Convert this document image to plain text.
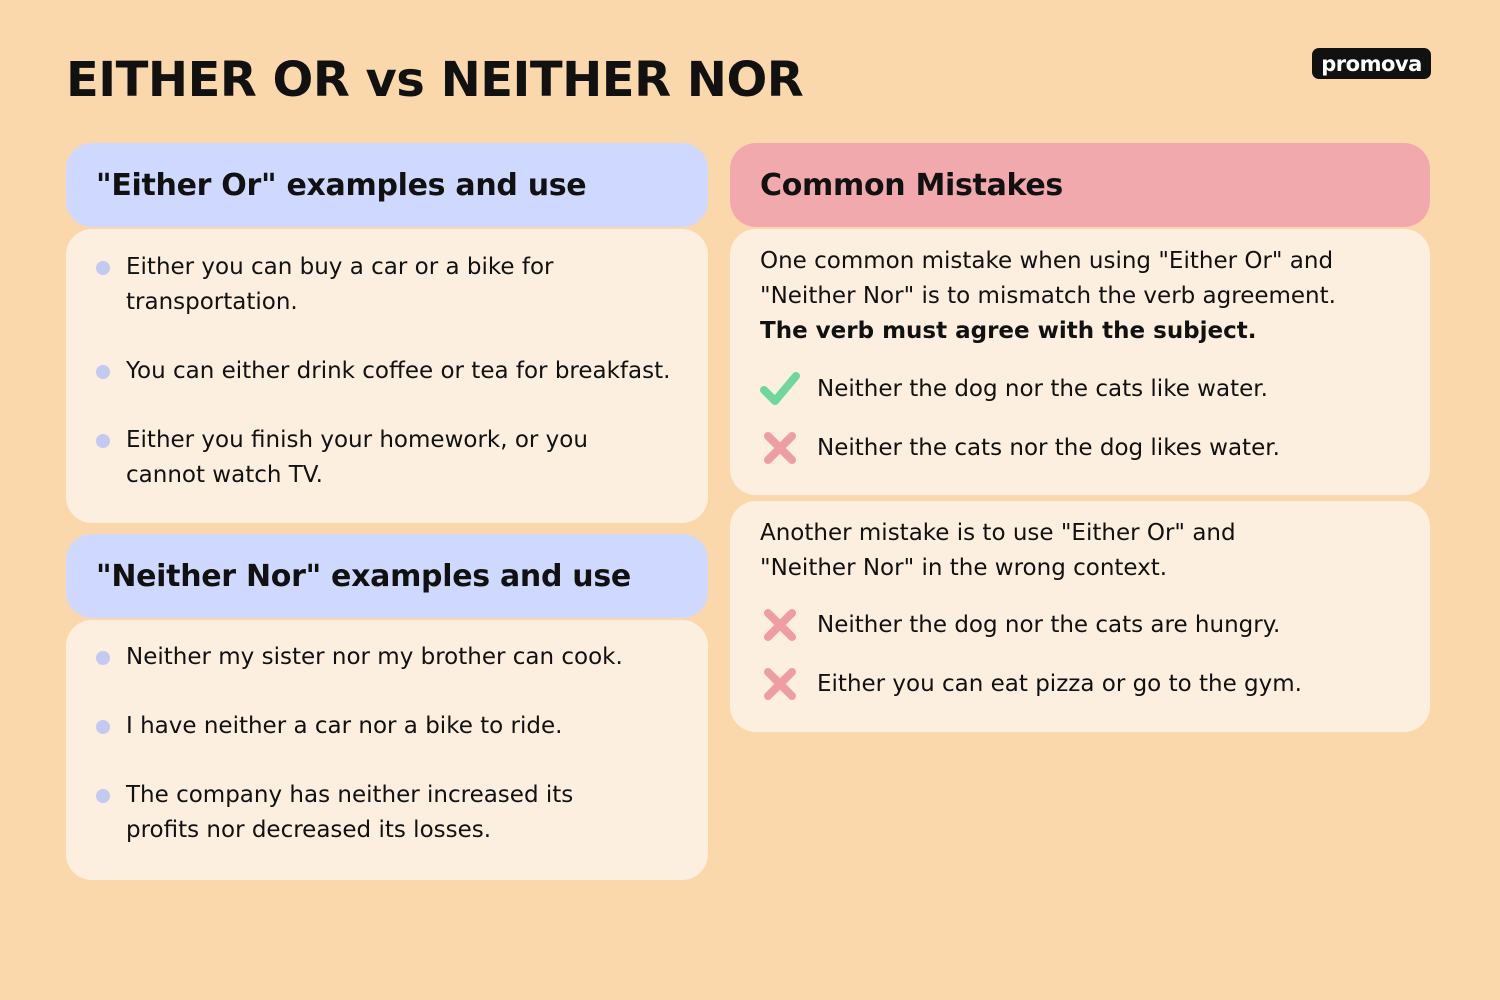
EITHER OR vs NEITHER NOR	promova
"Either Or" examples and use
Either you can buy a car or a bike for transportation.
You can either drink coffee or tea for breakfast.
Either you finish your homework, or you cannot watch TV.
"Neither Nor" examples and use
Neither my sister nor my brother can cook.
I have neither a car nor a bike to ride.
The company has neither increased its profits nor decreased its losses.
Common Mistakes
One common mistake when using "Either Or" and "Neither Nor" is to mismatch the verb agreement.
The verb must agree with the subject.
Neither the dog nor the cats like water.
Neither the cats nor the dog likes water.
Another mistake is to use "Either Or" and "Neither Nor" in the wrong context.
Neither the dog nor the cats are hungry.
Either you can eat pizza or go to the gym.
